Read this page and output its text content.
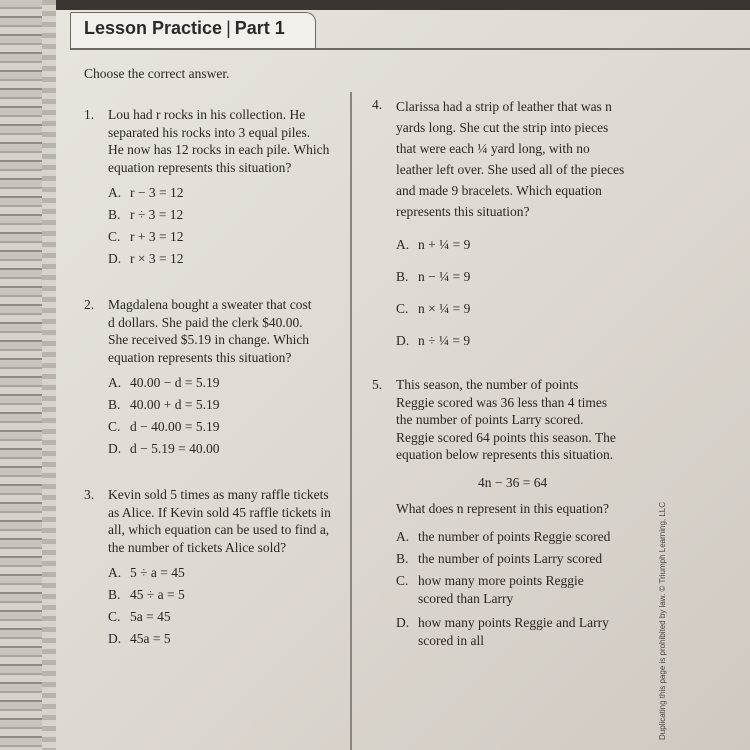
Lesson Practice | Part 1
Choose the correct answer.
1. Lou had r rocks in his collection. He
separated his rocks into 3 equal piles.
He now has 12 rocks in each pile. Which
equation represents this situation?
A. r − 3 = 12
B. r ÷ 3 = 12
C. r + 3 = 12
D. r × 3 = 12
2. Magdalena bought a sweater that cost
d dollars. She paid the clerk $40.00.
She received $5.19 in change. Which
equation represents this situation?
A. 40.00 − d = 5.19
B. 40.00 + d = 5.19
C. d − 40.00 = 5.19
D. d − 5.19 = 40.00
3. Kevin sold 5 times as many raffle tickets
as Alice. If Kevin sold 45 raffle tickets in
all, which equation can be used to find a,
the number of tickets Alice sold?
A. 5 ÷ a = 45
B. 45 ÷ a = 5
C. 5a = 45
D. 45a = 5
4. Clarissa had a strip of leather that was n
yards long. She cut the strip into pieces
that were each ¼ yard long, with no
leather left over. She used all of the pieces
and made 9 bracelets. Which equation
represents this situation?
A. n + ¼ = 9
B. n − ¼ = 9
C. n × ¼ = 9
D. n ÷ ¼ = 9
5. This season, the number of points
Reggie scored was 36 less than 4 times
the number of points Larry scored.
Reggie scored 64 points this season. The
equation below represents this situation.
4n − 36 = 64
What does n represent in this equation?
A. the number of points Reggie scored
B. the number of points Larry scored
C. how many more points Reggie
scored than Larry
D. how many points Reggie and Larry
scored in all	Duplicating this page is prohibited by law. © Triumph Learning, LLC
